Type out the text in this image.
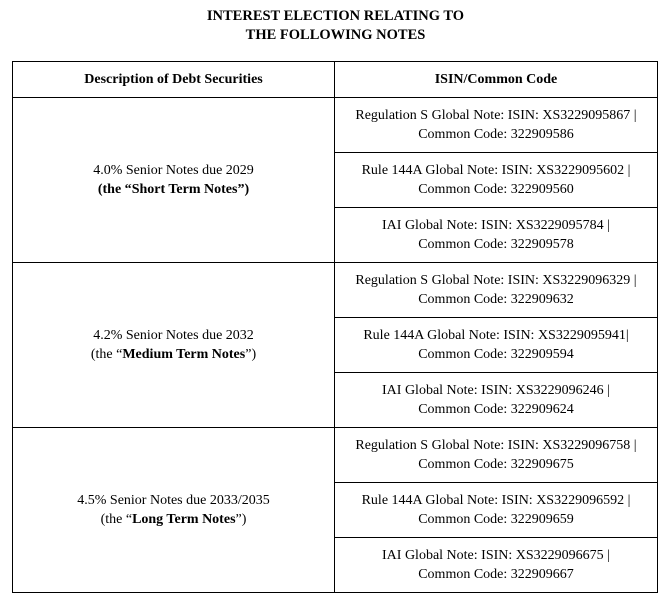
INTEREST ELECTION RELATING TO
THE FOLLOWING NOTES
Description of Debt Securities	ISIN/Common Code

4.0% Senior Notes due 2029
(the “Short Term Notes”)	Regulation S Global Note: ISIN: XS3229095867 |
Common Code: 322909586

	Rule 144A Global Note: ISIN: XS3229095602 |
Common Code: 322909560

	IAI Global Note: ISIN: XS3229095784 |
Common Code: 322909578

4.2% Senior Notes due 2032
(the “Medium Term Notes”)	Regulation S Global Note: ISIN: XS3229096329 |
Common Code: 322909632

	Rule 144A Global Note: ISIN: XS3229095941|
Common Code: 322909594

	IAI Global Note: ISIN: XS3229096246 |
Common Code: 322909624

4.5% Senior Notes due 2033/2035
(the “Long Term Notes”)	Regulation S Global Note: ISIN: XS3229096758 |
Common Code: 322909675

	Rule 144A Global Note: ISIN: XS3229096592 |
Common Code: 322909659

	IAI Global Note: ISIN: XS3229096675 |
Common Code: 322909667
